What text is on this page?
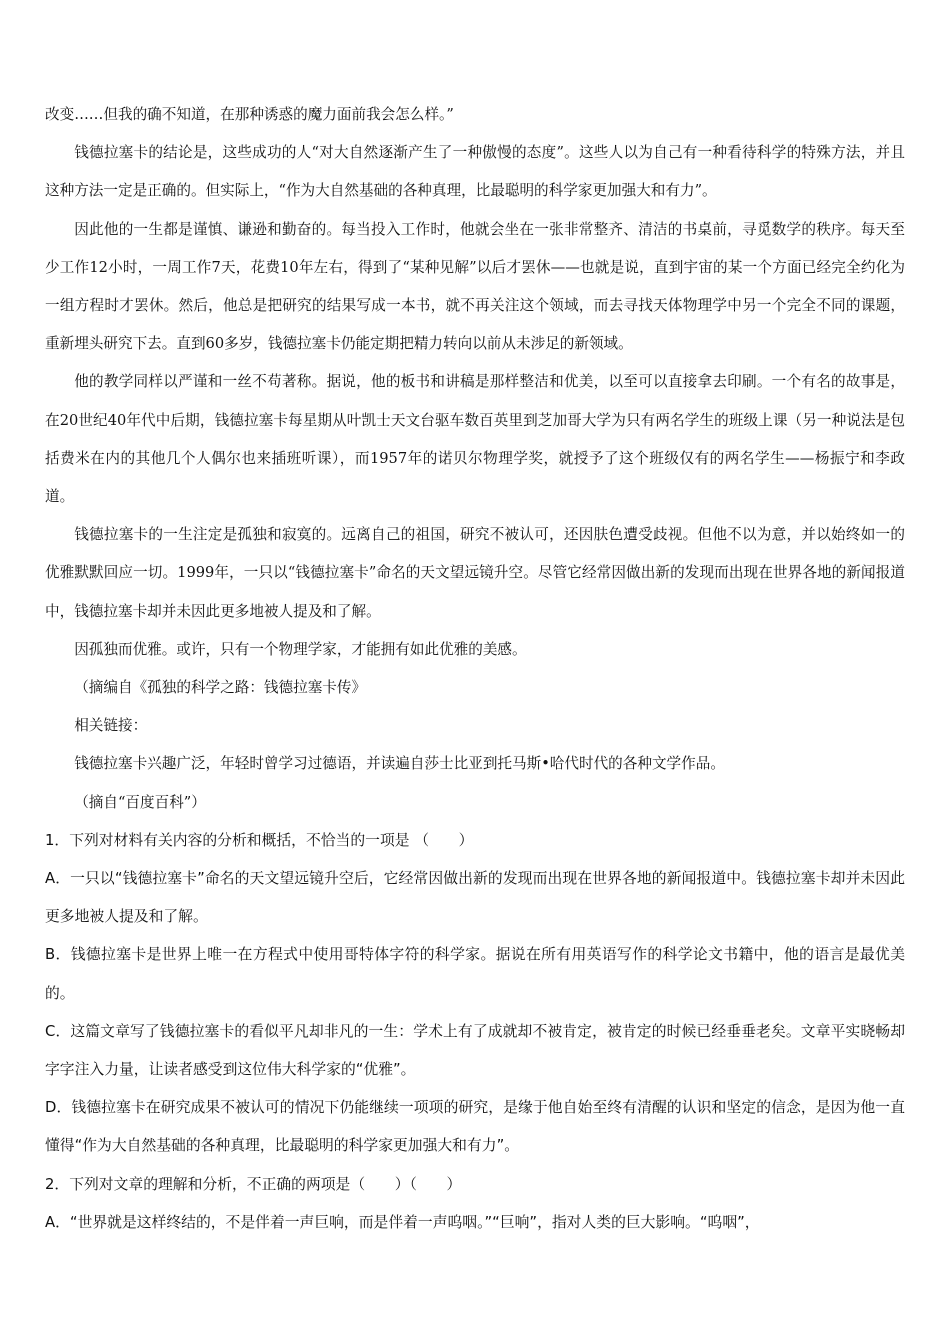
改变……但我的确不知道，在那种诱惑的魔力面前我会怎么样。”

钱德拉塞卡的结论是，这些成功的人“对大自然逐渐产生了一种傲慢的态度”。这些人以为自己有一种看待科学的特殊方法，并且这种方法一定是正确的。但实际上，“作为大自然基础的各种真理，比最聪明的科学家更加强大和有力”。

因此他的一生都是谨慎、谦逊和勤奋的。每当投入工作时，他就会坐在一张非常整齐、清洁的书桌前，寻觅数学的秩序。每天至少工作12小时，一周工作7天，花费10年左右，得到了“某种见解”以后才罢休——也就是说，直到宇宙的某一个方面已经完全约化为一组方程时才罢休。然后，他总是把研究的结果写成一本书，就不再关注这个领域，而去寻找天体物理学中另一个完全不同的课题，重新埋头研究下去。直到60多岁，钱德拉塞卡仍能定期把精力转向以前从未涉足的新领域。

他的教学同样以严谨和一丝不苟著称。据说，他的板书和讲稿是那样整洁和优美，以至可以直接拿去印刷。一个有名的故事是，在20世纪40年代中后期，钱德拉塞卡每星期从叶凯士天文台驱车数百英里到芝加哥大学为只有两名学生的班级上课（另一种说法是包括费米在内的其他几个人偶尔也来插班听课），而1957年的诺贝尔物理学奖，就授予了这个班级仅有的两名学生——杨振宁和李政道。

钱德拉塞卡的一生注定是孤独和寂寞的。远离自己的祖国，研究不被认可，还因肤色遭受歧视。但他不以为意，并以始终如一的优雅默默回应一切。1999年，一只以“钱德拉塞卡”命名的天文望远镜升空。尽管它经常因做出新的发现而出现在世界各地的新闻报道中，钱德拉塞卡却并未因此更多地被人提及和了解。

因孤独而优雅。或许，只有一个物理学家，才能拥有如此优雅的美感。

（摘编自《孤独的科学之路：钱德拉塞卡传》

相关链接：

钱德拉塞卡兴趣广泛，年轻时曾学习过德语，并读遍自莎士比亚到托马斯•哈代时代的各种文学作品。

（摘自“百度百科”）

1．下列对材料有关内容的分析和概括，不恰当的一项是 （　　）

A．一只以“钱德拉塞卡”命名的天文望远镜升空后，它经常因做出新的发现而出现在世界各地的新闻报道中。钱德拉塞卡却并未因此更多地被人提及和了解。

B．钱德拉塞卡是世界上唯一在方程式中使用哥特体字符的科学家。据说在所有用英语写作的科学论文书籍中，他的语言是最优美的。

C．这篇文章写了钱德拉塞卡的看似平凡却非凡的一生：学术上有了成就却不被肯定，被肯定的时候已经垂垂老矣。文章平实晓畅却字字注入力量，让读者感受到这位伟大科学家的“优雅”。

D．钱德拉塞卡在研究成果不被认可的情况下仍能继续一项项的研究，是缘于他自始至终有清醒的认识和坚定的信念，是因为他一直懂得“作为大自然基础的各种真理，比最聪明的科学家更加强大和有力”。

2．下列对文章的理解和分析，不正确的两项是（　　）（　　）

A．“世界就是这样终结的，不是伴着一声巨响，而是伴着一声呜咽。”“巨响”，指对人类的巨大影响。“呜咽”，
